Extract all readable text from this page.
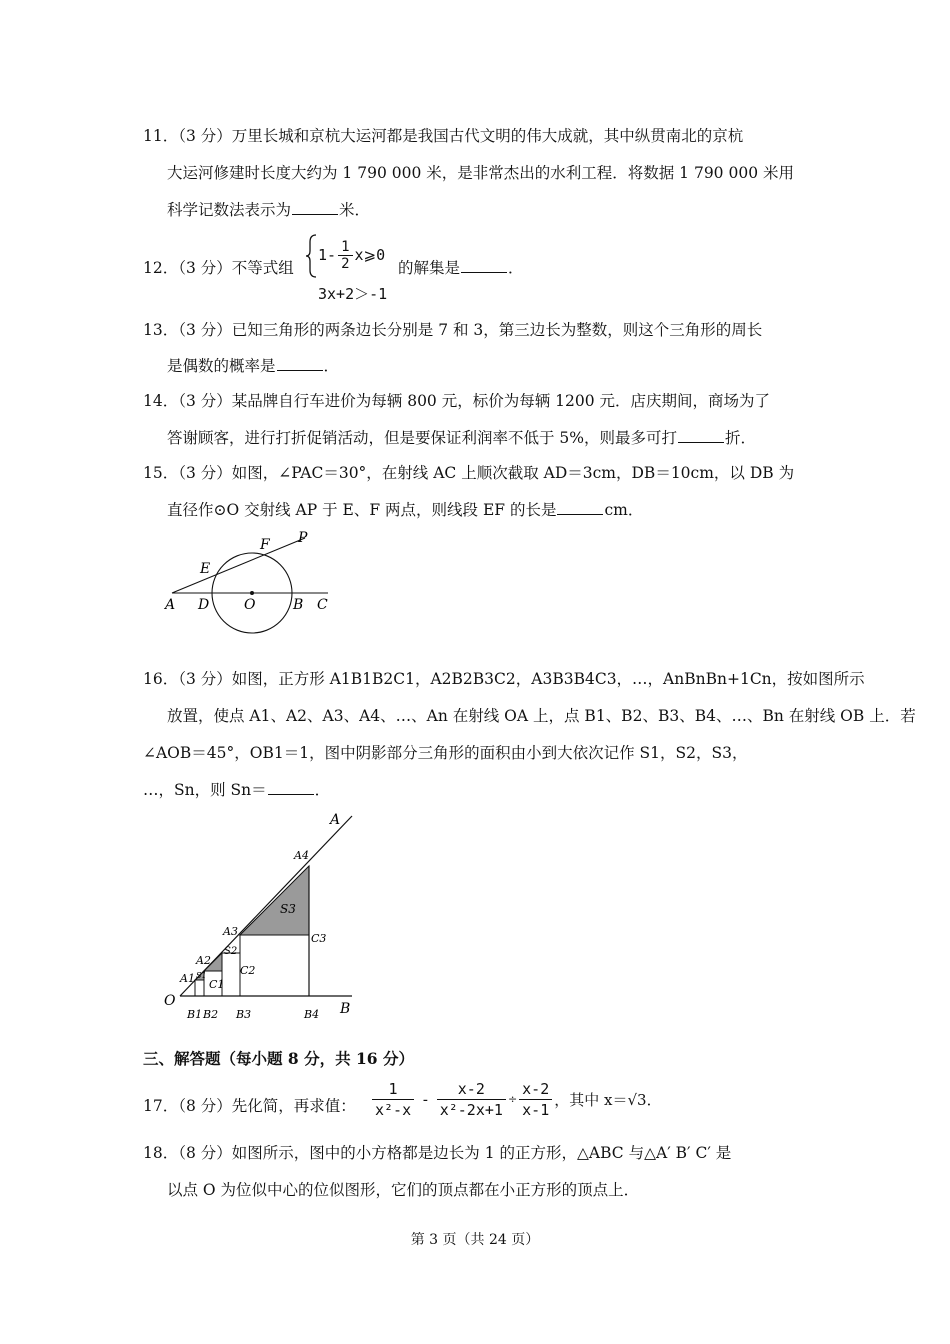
11．（3 分）万里长城和京杭大运河都是我国古代文明的伟大成就，其中纵贯南北的京杭
大运河修建时长度大约为 1 790 000 米，是非常杰出的水利工程．将数据 1 790 000 米用
科学记数法表示为	米．
12．（3 分）不等式组
$1- \frac{1}{2}$ x⩾0
3x+2＞-1
的解集是	．
13．（3 分）已知三角形的两条边长分别是 7 和 3，第三边长为整数，则这个三角形的周长
是偶数的概率是	．
14．（3 分）某品牌自行车进价为每辆 800 元，标价为每辆 1200 元．店庆期间，商场为了
答谢顾客，进行打折促销活动，但是要保证利润率不低于 5%，则最多可打	折．
15．（3 分）如图，∠PAC＝30°，在射线 AC 上顺次截取 AD＝3cm，DB＝10cm，以 DB 为
直径作⊙O 交射线 AP 于 E、F 两点，则线段 EF 的长是	cm．
A D O	B C
E
F P
16．（3 分）如图，正方形 A1B1B2C1，A2B2B3C2，A3B3B4C3，…，AnBnBn+1Cn，按如图所示
放置，使点 A1、A2、A3、A4、…、An 在射线 OA 上，点 B1、B2、B3、B4、…、Bn 在射线 OB 上．若
∠AOB＝45°，OB1＝1，图中阴影部分三角形的面积由小到大依次记作 S1，S2，S3，
…，Sn，则 Sn＝	．
O
A
B
A1
A2
A3
A4
B1 B2 B3	B4
C1
C2
C3
S1
S2
S3
三、解答题（每小题 8 分，共 16 分）
17．（8 分）先化简，再求值： $\frac{1}{\text{x²-x}} - \frac{x-2}{\text{x²-2x+1}} \div \frac{x-2}{x-1}$ ，其中 x＝√3．
18．（8 分）如图所示，图中的小方格都是边长为 1 的正方形，△ABC 与△A′ B′ C′ 是
以点 O 为位似中心的位似图形，它们的顶点都在小正方形的顶点上．
第 3 页（共 24 页）
